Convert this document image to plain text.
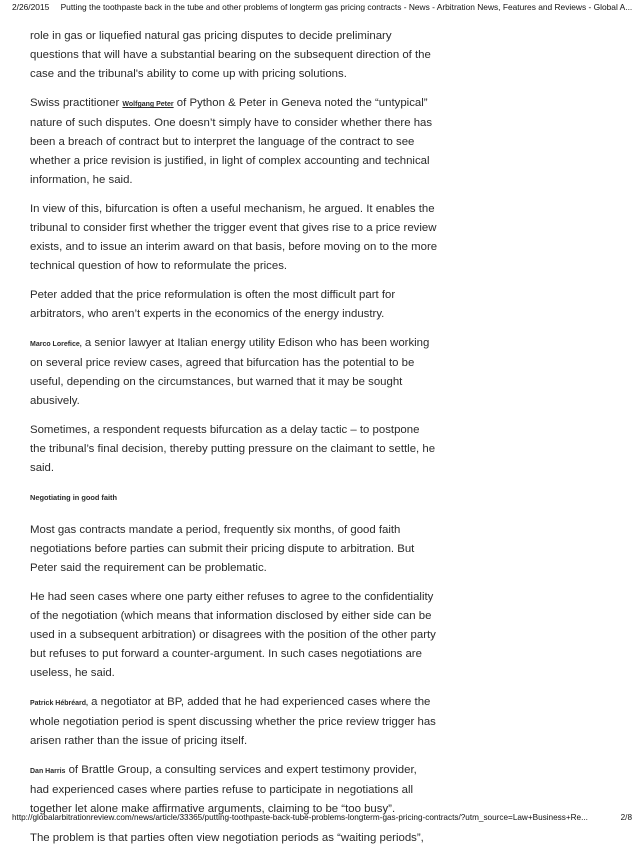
2/26/2015 Putting the toothpaste back in the tube and other problems of longterm gas pricing contracts - News - Arbitration News, Features and Reviews - Global A...

role in gas or liquefied natural gas pricing disputes to decide preliminary questions that will have a substantial bearing on the subsequent direction of the case and the tribunal's ability to come up with pricing solutions.

Swiss practitioner Wolfgang Peter of Python & Peter in Geneva noted the “untypical” nature of such disputes. One doesn’t simply have to consider whether there has been a breach of contract but to interpret the language of the contract to see whether a price revision is justified, in light of complex accounting and technical information, he said.

In view of this, bifurcation is often a useful mechanism, he argued. It enables the tribunal to consider first whether the trigger event that gives rise to a price review exists, and to issue an interim award on that basis, before moving on to the more technical question of how to reformulate the prices.

Peter added that the price reformulation is often the most difficult part for arbitrators, who aren’t experts in the economics of the energy industry.

Marco Lorefice, a senior lawyer at Italian energy utility Edison who has been working on several price review cases, agreed that bifurcation has the potential to be useful, depending on the circumstances, but warned that it may be sought abusively.

Sometimes, a respondent requests bifurcation as a delay tactic – to postpone the tribunal’s final decision, thereby putting pressure on the claimant to settle, he said.

Negotiating in good faith

Most gas contracts mandate a period, frequently six months, of good faith negotiations before parties can submit their pricing dispute to arbitration. But Peter said the requirement can be problematic.

He had seen cases where one party either refuses to agree to the confidentiality of the negotiation (which means that information disclosed by either side can be used in a subsequent arbitration) or disagrees with the position of the other party but refuses to put forward a counter-argument. In such cases negotiations are useless, he said.

Patrick Hébréard, a negotiator at BP, added that he had experienced cases where the whole negotiation period is spent discussing whether the price review trigger has arisen rather than the issue of pricing itself.

Dan Harris of Brattle Group, a consulting services and expert testimony provider, had experienced cases where parties refuse to participate in negotiations all together let alone make affirmative arguments, claiming to be “too busy”.

The problem is that parties often view negotiation periods as “waiting periods”,

http://globalarbitrationreview.com/news/article/33365/putting-toothpaste-back-tube-problems-longterm-gas-pricing-contracts/?utm_source=Law+Business+Re...	2/8
